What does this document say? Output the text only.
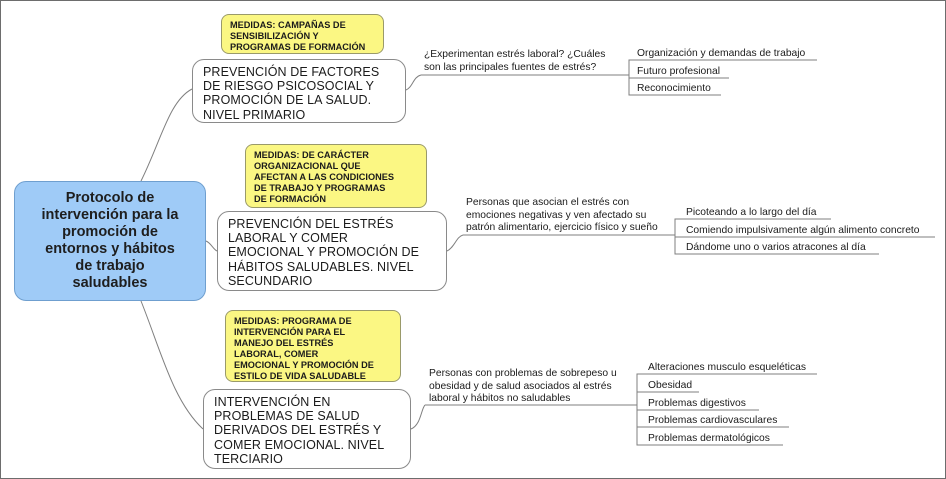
Protocolo de
intervención para la
promoción de
entornos y hábitos
de trabajo
saludables
MEDIDAS: CAMPAÑAS DE
SENSIBILIZACIÓN Y
PROGRAMAS DE FORMACIÓN
PREVENCIÓN DE FACTORES
DE RIESGO PSICOSOCIAL Y
PROMOCIÓN DE LA SALUD.
NIVEL PRIMARIO
¿Experimentan estrés laboral? ¿Cuáles
son las principales fuentes de estrés?
Organización y demandas de trabajo
Futuro profesional
Reconocimiento
MEDIDAS: DE CARÁCTER
ORGANIZACIONAL QUE
AFECTAN A LAS CONDICIONES
DE TRABAJO Y PROGRAMAS
DE FORMACIÓN
PREVENCIÓN DEL ESTRÉS
LABORAL Y COMER
EMOCIONAL Y PROMOCIÓN DE
HÁBITOS SALUDABLES. NIVEL
SECUNDARIO
Personas que asocian el estrés con
emociones negativas y ven afectado su
patrón alimentario, ejercicio físico y sueño
Picoteando a lo largo del día
Comiendo impulsivamente algún alimento concreto
Dándome uno o varios atracones al día
MEDIDAS: PROGRAMA DE
INTERVENCIÓN PARA EL
MANEJO DEL ESTRÉS
LABORAL, COMER
EMOCIONAL Y PROMOCIÓN DE
ESTILO DE VIDA SALUDABLE
INTERVENCIÓN EN
PROBLEMAS DE SALUD
DERIVADOS DEL ESTRÉS Y
COMER EMOCIONAL. NIVEL
TERCIARIO
Personas con problemas de sobrepeso u
obesidad y de salud asociados al estrés
laboral y hábitos no saludables
Alteraciones musculo esqueléticas
Obesidad
Problemas digestivos
Problemas cardiovasculares
Problemas dermatológicos
